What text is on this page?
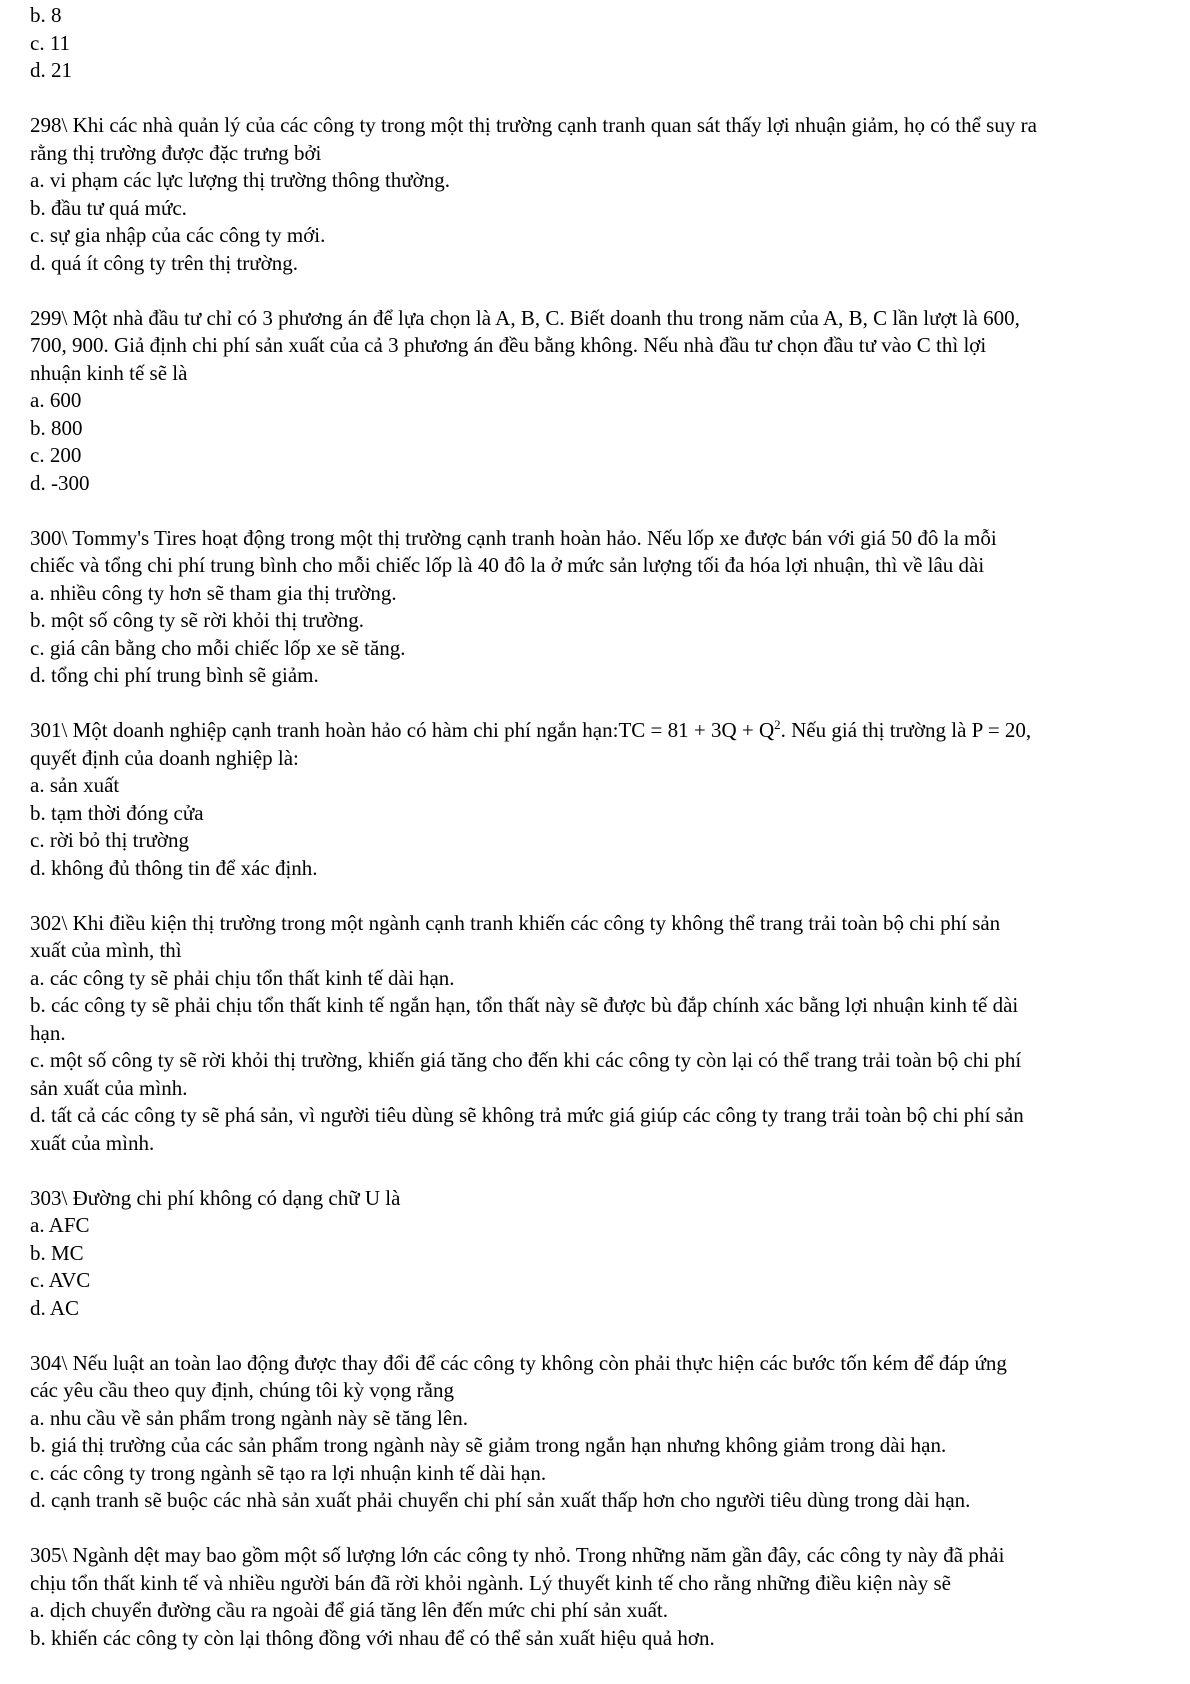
b. 8
c. 11
d. 21
298\ Khi các nhà quản lý của các công ty trong một thị trường cạnh tranh quan sát thấy lợi nhuận giảm, họ có thể suy ra
rằng thị trường được đặc trưng bởi
a. vi phạm các lực lượng thị trường thông thường.
b. đầu tư quá mức.
c. sự gia nhập của các công ty mới.
d. quá ít công ty trên thị trường.
299\ Một nhà đầu tư chỉ có 3 phương án để lựa chọn là A, B, C. Biết doanh thu trong năm của A, B, C lần lượt là 600,
700, 900. Giả định chi phí sản xuất của cả 3 phương án đều bằng không. Nếu nhà đầu tư chọn đầu tư vào C thì lợi
nhuận kinh tế sẽ là
a. 600
b. 800
c. 200
d. -300
300\ Tommy's Tires hoạt động trong một thị trường cạnh tranh hoàn hảo. Nếu lốp xe được bán với giá 50 đô la mỗi
chiếc và tổng chi phí trung bình cho mỗi chiếc lốp là 40 đô la ở mức sản lượng tối đa hóa lợi nhuận, thì về lâu dài
a. nhiều công ty hơn sẽ tham gia thị trường.
b. một số công ty sẽ rời khỏi thị trường.
c. giá cân bằng cho mỗi chiếc lốp xe sẽ tăng.
d. tổng chi phí trung bình sẽ giảm.
301\ Một doanh nghiệp cạnh tranh hoàn hảo có hàm chi phí ngắn hạn:TC = $81 + 3Q + Q^2$. Nếu giá thị trường là P = 20,
quyết định của doanh nghiệp là:
a. sản xuất
b. tạm thời đóng cửa
c. rời bỏ thị trường
d. không đủ thông tin để xác định.
302\ Khi điều kiện thị trường trong một ngành cạnh tranh khiến các công ty không thể trang trải toàn bộ chi phí sản
xuất của mình, thì
a. các công ty sẽ phải chịu tổn thất kinh tế dài hạn.
b. các công ty sẽ phải chịu tổn thất kinh tế ngắn hạn, tổn thất này sẽ được bù đắp chính xác bằng lợi nhuận kinh tế dài
hạn.
c. một số công ty sẽ rời khỏi thị trường, khiến giá tăng cho đến khi các công ty còn lại có thể trang trải toàn bộ chi phí
sản xuất của mình.
d. tất cả các công ty sẽ phá sản, vì người tiêu dùng sẽ không trả mức giá giúp các công ty trang trải toàn bộ chi phí sản
xuất của mình.
303\ Đường chi phí không có dạng chữ U là
a. AFC
b. MC
c. AVC
d. AC
304\ Nếu luật an toàn lao động được thay đổi để các công ty không còn phải thực hiện các bước tốn kém để đáp ứng
các yêu cầu theo quy định, chúng tôi kỳ vọng rằng
a. nhu cầu về sản phẩm trong ngành này sẽ tăng lên.
b. giá thị trường của các sản phẩm trong ngành này sẽ giảm trong ngắn hạn nhưng không giảm trong dài hạn.
c. các công ty trong ngành sẽ tạo ra lợi nhuận kinh tế dài hạn.
d. cạnh tranh sẽ buộc các nhà sản xuất phải chuyển chi phí sản xuất thấp hơn cho người tiêu dùng trong dài hạn.
305\ Ngành dệt may bao gồm một số lượng lớn các công ty nhỏ. Trong những năm gần đây, các công ty này đã phải
chịu tổn thất kinh tế và nhiều người bán đã rời khỏi ngành. Lý thuyết kinh tế cho rằng những điều kiện này sẽ
a. dịch chuyển đường cầu ra ngoài để giá tăng lên đến mức chi phí sản xuất.
b. khiến các công ty còn lại thông đồng với nhau để có thể sản xuất hiệu quả hơn.
